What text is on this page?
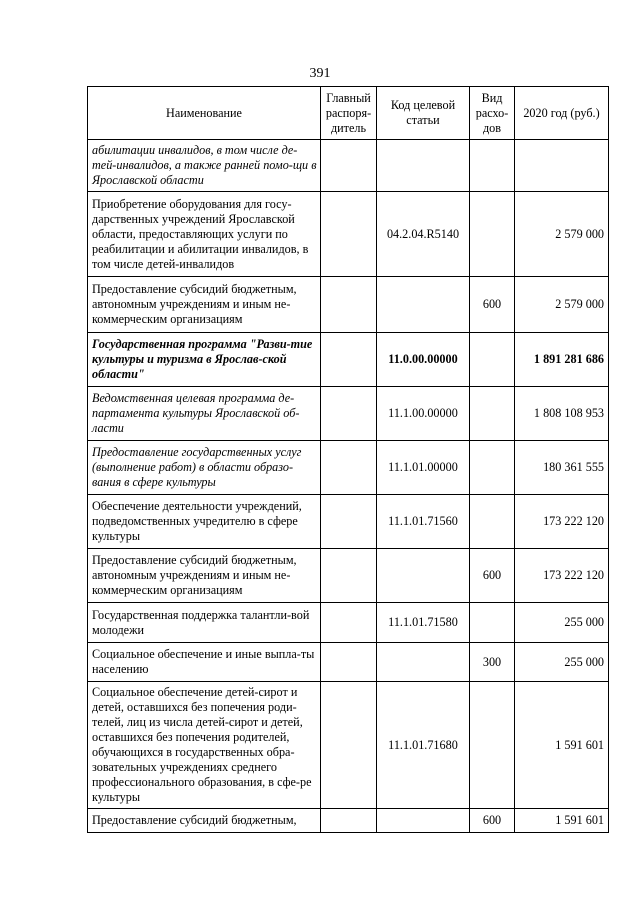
391
Наименование	Главный распоря-дитель	Код целевой статьи	Вид расхо-дов	2020 год (руб.)
абилитации инвалидов, в том числе де-тей-инвалидов, а также ранней помо-щи в Ярославской области				
Приобретение оборудования для госу-дарственных учреждений Ярославской области, предоставляющих услуги по реабилитации и абилитации инвалидов, в том числе детей-инвалидов		04.2.04.R5140		2 579 000
Предоставление субсидий бюджетным, автономным учреждениям и иным не-коммерческим организациям			600	2 579 000
Государственная программа "Разви-тие культуры и туризма в Ярослав-ской области"		11.0.00.00000		1 891 281 686
Ведомственная целевая программа де-партамента культуры Ярославской об-ласти		11.1.00.00000		1 808 108 953
Предоставление государственных услуг (выполнение работ) в области образо-вания в сфере культуры		11.1.01.00000		180 361 555
Обеспечение деятельности учреждений, подведомственных учредителю в сфере культуры		11.1.01.71560		173 222 120
Предоставление субсидий бюджетным, автономным учреждениям и иным не-коммерческим организациям			600	173 222 120
Государственная поддержка талантли-вой молодежи		11.1.01.71580		255 000
Социальное обеспечение и иные выпла-ты населению			300	255 000
Социальное обеспечение детей-сирот и детей, оставшихся без попечения роди-телей, лиц из числа детей-сирот и детей, оставшихся без попечения родителей, обучающихся в государственных обра-зовательных учреждениях среднего профессионального образования, в сфе-ре культуры		11.1.01.71680		1 591 601
Предоставление субсидий бюджетным,			600	1 591 601
